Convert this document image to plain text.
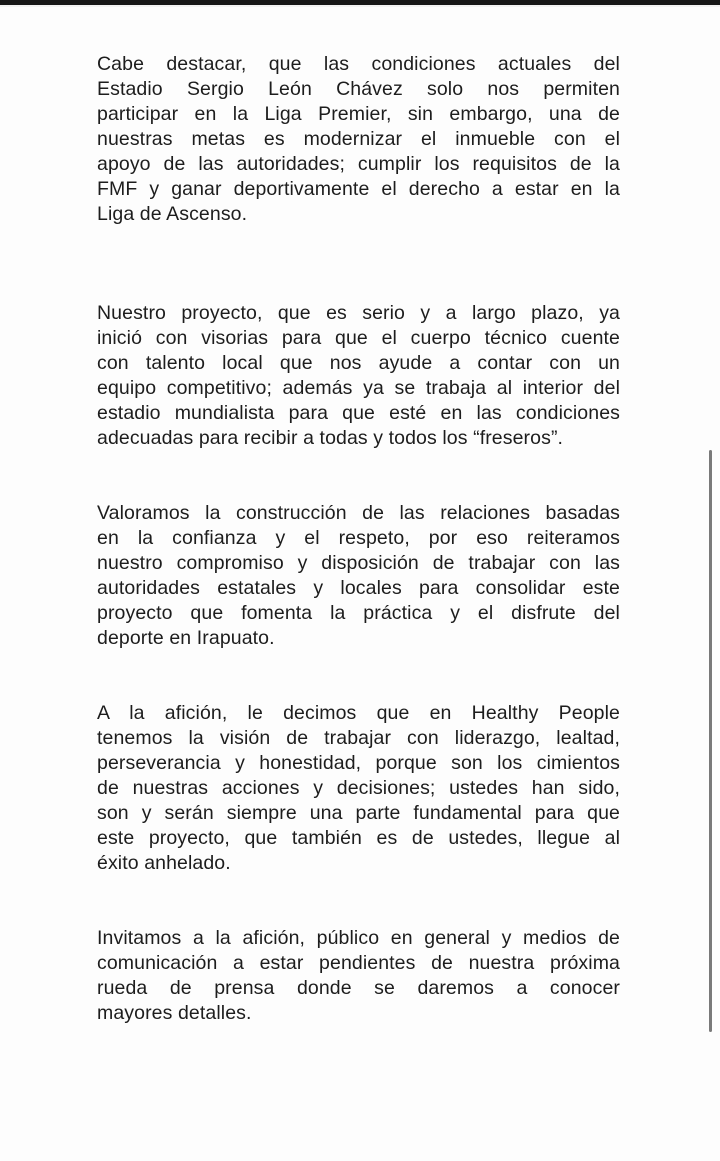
Cabe destacar, que las condiciones actuales del
Estadio Sergio León Chávez solo nos permiten
participar en la Liga Premier, sin embargo, una de
nuestras metas es modernizar el inmueble con el
apoyo de las autoridades; cumplir los requisitos de la
FMF y ganar deportivamente el derecho a estar en la
Liga de Ascenso.

Nuestro proyecto, que es serio y a largo plazo, ya
inició con visorias para que el cuerpo técnico cuente
con talento local que nos ayude a contar con un
equipo competitivo; además ya se trabaja al interior del
estadio mundialista para que esté en las condiciones
adecuadas para recibir a todas y todos los “freseros”.

Valoramos la construcción de las relaciones basadas
en la confianza y el respeto, por eso reiteramos
nuestro compromiso y disposición de trabajar con las
autoridades estatales y locales para consolidar este
proyecto que fomenta la práctica y el disfrute del
deporte en Irapuato.

A la afición, le decimos que en Healthy People
tenemos la visión de trabajar con liderazgo, lealtad,
perseverancia y honestidad, porque son los cimientos
de nuestras acciones y decisiones; ustedes han sido,
son y serán siempre una parte fundamental para que
este proyecto, que también es de ustedes, llegue al
éxito anhelado.

Invitamos a la afición, público en general y medios de
comunicación a estar pendientes de nuestra próxima
rueda de prensa donde se daremos a conocer
mayores detalles.
